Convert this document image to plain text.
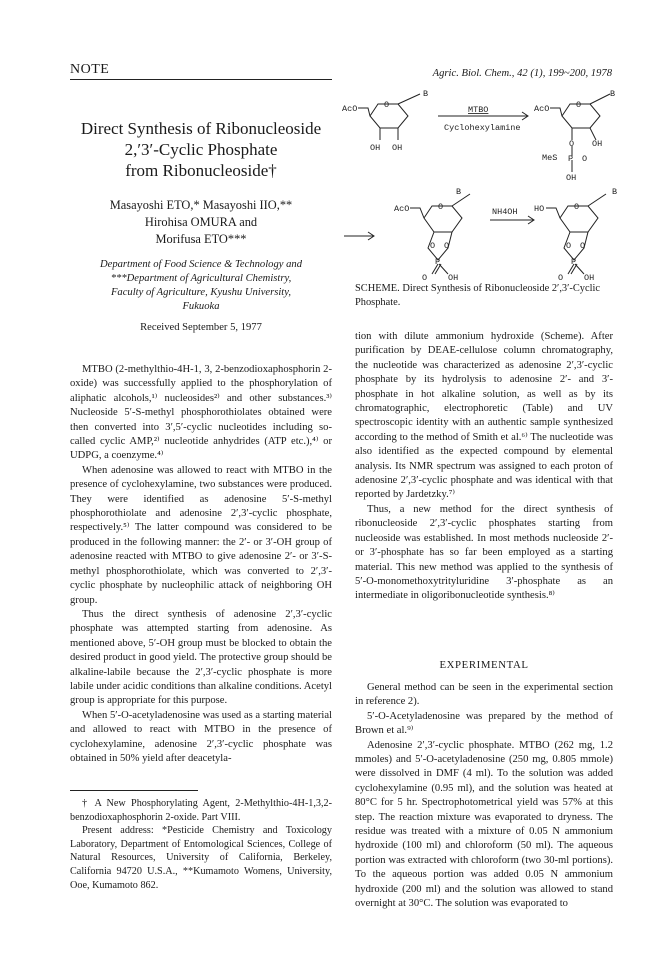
NOTE	Agric. Biol. Chem., 42 (1), 199~200, 1978
Direct Synthesis of Ribonucleoside
2,′3′-Cyclic Phosphate
from Ribonucleoside†
Masayoshi ETO,* Masayoshi IIO,**
Hirohisa OMURA and
Morifusa ETO***
Department of Food Science & Technology and
***Department of Agricultural Chemistry,
Faculty of Agriculture, Kyushu University,
Fukuoka
Received September 5, 1977

MTBO (2-methylthio-4H-1, 3, 2-benzodioxaphosphorin 2-oxide) was successfully applied to the phosphorylation of aliphatic alcohols,¹⁾ nucleosides²⁾ and other substances.³⁾ Nucleoside 5′-S-methyl phosphorothiolates obtained were then converted into 3′,5′-cyclic nucleotides including so-called cyclic AMP,²⁾ nucleotide anhydrides (ATP etc.),⁴⁾ or UDPG, a coenzyme.⁴⁾

When adenosine was allowed to react with MTBO in the presence of cyclohexylamine, two substances were produced. They were identified as adenosine 5′-S-methyl phosphorothiolate and adenosine 2′,3′-cyclic phosphate, respectively.⁵⁾ The latter compound was considered to be produced in the following manner: the 2′- or 3′-OH group of adenosine reacted with MTBO to give adenosine 2′- or 3′-S-methyl phosphorothiolate, which was converted to 2′,3′-cyclic phosphate by nucleophilic attack of neighboring OH group.

Thus the direct synthesis of adenosine 2′,3′-cyclic phosphate was attempted starting from adenosine. As mentioned above, 5′-OH group must be blocked to obtain the desired product in good yield. The protective group should be alkaline-labile because the 2′,3′-cyclic phosphate is more labile under acidic conditions than alkaline conditions. Acetyl group is appropriate for this purpose.

When 5′-O-acetyladenosine was used as a starting material and allowed to react with MTBO in the presence of cyclohexylamine, adenosine 2′,3′-cyclic phosphate was obtained in 50% yield after deacetyla-

† A New Phosphorylating Agent, 2-Methylthio-4H-1,3,2-benzodioxaphosphorin 2-oxide. Part VIII.

Present address: *Pesticide Chemistry and Toxicology Laboratory, Department of Entomological Sciences, College of Natural Resources, University of California, Berkeley, California 94720 U.S.A., **Kumamoto Womens, University, Ooe, Kumamoto 862.

B
AcO	O
OH OH
MTBO
Cyclohexylamine
B
AcO	O
O OH
MeS P O
OH
B
AcO	O
O O
P
O OH
NH4OH
B
HO	O
O O
P
O OH
SCHEME. Direct Synthesis of Ribonucleoside 2′,3′-Cyclic Phosphate.

tion with dilute ammonium hydroxide (Scheme). After purification by DEAE-cellulose column chromatography, the nucleotide was characterized as adenosine 2′,3′-cyclic phosphate by its hydrolysis to adenosine 2′- and 3′-phosphate in hot alkaline solution, as well as by its chromatographic, electrophoretic (Table) and UV spectroscopic identity with an authentic sample synthesized according to the method of Smith et al.⁶⁾ The nucleotide was also identified as the expected compound by elemental analysis. Its NMR spectrum was assigned to each proton of adenosine 2′,3′-cyclic phosphate and was identical with that reported by Jardetzky.⁷⁾

Thus, a new method for the direct synthesis of ribonucleoside 2′,3′-cyclic phosphates starting from nucleoside was established. In most methods nucleoside 2′- or 3′-phosphate has so far been employed as a starting material. This new method was applied to the synthesis of 5′-O-monomethoxytrityluridine 3′-phosphate as an intermediate in oligoribonucleotide synthesis.⁸⁾

EXPERIMENTAL

General method can be seen in the experimental section in reference 2).

5′-O-Acetyladenosine was prepared by the method of Brown et al.⁹⁾

Adenosine 2′,3′-cyclic phosphate. MTBO (262 mg, 1.2 mmoles) and 5′-O-acetyladenosine (250 mg, 0.805 mmole) were dissolved in DMF (4 ml). To the solution was added cyclohexylamine (0.95 ml), and the solution was heated at 80°C for 5 hr. Spectrophotometrical yield was 57% at this step. The reaction mixture was evaporated to dryness. The residue was treated with a mixture of 0.05 N ammonium hydroxide (100 ml) and chloroform (50 ml). The aqueous portion was extracted with chloroform (two 30-ml portions). To the aqueous portion was added 0.05 N ammonium hydroxide (200 ml) and the solution was allowed to stand overnight at 30°C. The solution was evaporated to
